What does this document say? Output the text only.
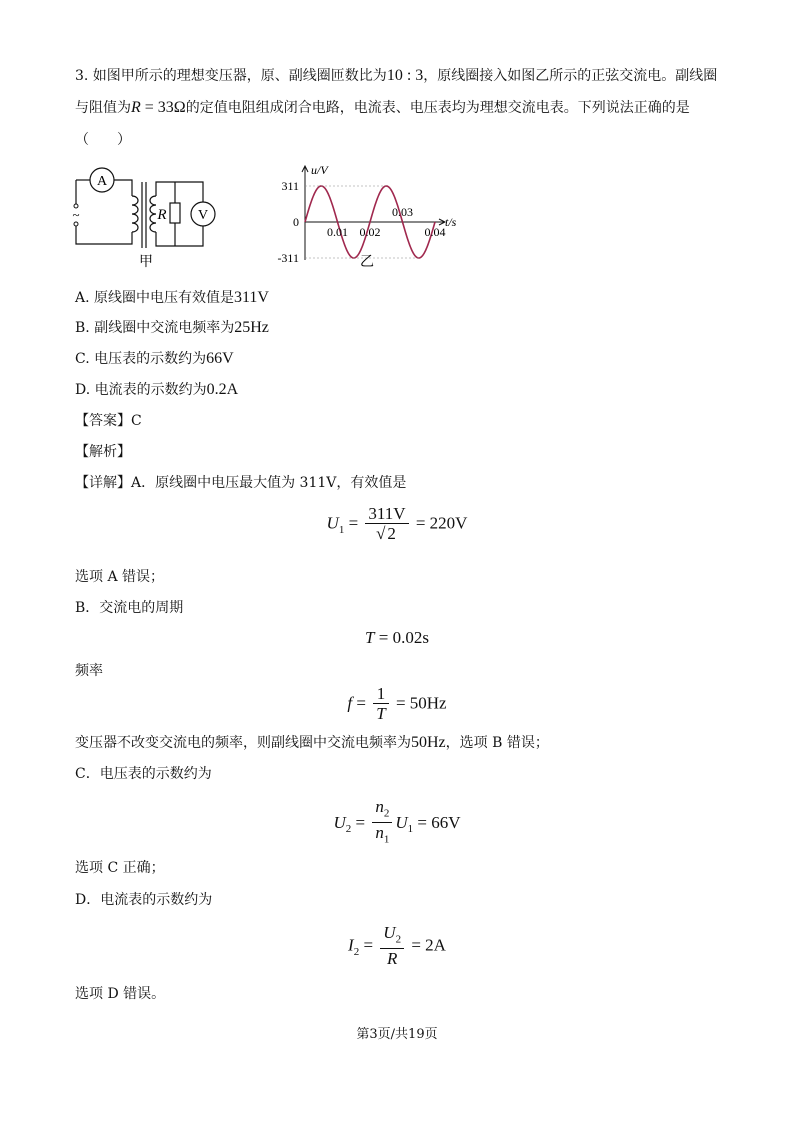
3. 如图甲所示的理想变压器，原、副线圈匝数比为10 : 3，原线圈接入如图乙所示的正弦交流电。副线圈
与阻值为R = 33Ω的定值电阻组成闭合电路，电流表、电压表均为理想交流电表。下列说法正确的是
（　　）
A
V
R
~
甲
0.01 0.02
0.03
0.04
311
0
-311
u/V
t/s
乙
A. 原线圈中电压有效值是311V
B. 副线圈中交流电频率为25Hz
C. 电压表的示数约为66V
D. 电流表的示数约为0.2A
【答案】C
【解析】
【详解】A．原线圈中电压最大值为 311V，有效值是
$U_1 = \frac{311V}{√ 2} = 220V$
选项 A 错误；
B．交流电的周期
T = 0.02s
频率
$f = \frac{1}{T} = 50Hz$
变压器不改变交流电的频率，则副线圈中交流电频率为50Hz，选项 B 错误；
C．电压表的示数约为
$U_2 = \frac{n_2}{n_1} U_1 = 66V$
选项 C 正确；
D．电流表的示数约为
$I_2 = \frac{U_2}{R} = 2A$
选项 D 错误。
第3页/共19页
